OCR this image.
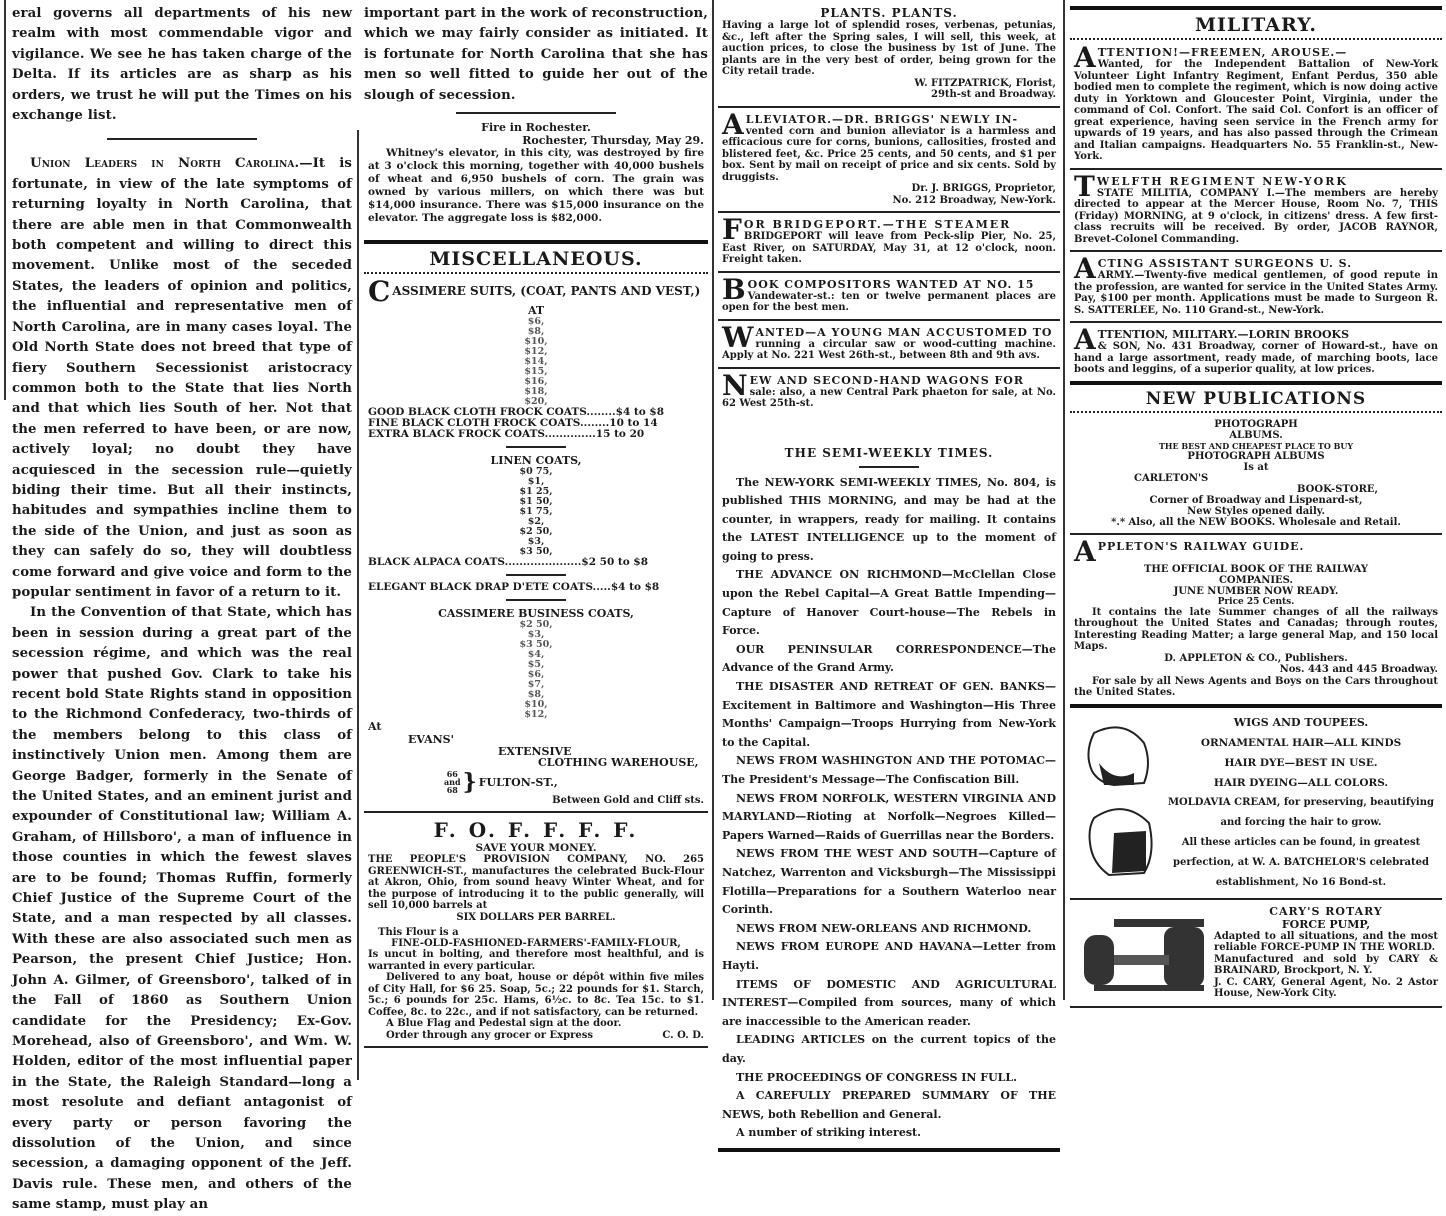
eral governs all departments of his new realm with most commendable vigor and vigilance. We see he has taken charge of the Delta. If its articles are as sharp as his orders, we trust he will put the Times on his exchange list.

Union Leaders in North Carolina.—It is fortunate, in view of the late symptoms of returning loyalty in North Carolina, that there are able men in that Commonwealth both competent and willing to direct this movement. Unlike most of the seceded States, the leaders of opinion and politics, the influential and representative men of North Carolina, are in many cases loyal. The Old North State does not breed that type of fiery Southern Secessionist aristocracy common both to the State that lies North and that which lies South of her. Not that the men referred to have been, or are now, actively loyal; no doubt they have acquiesced in the secession rule—quietly biding their time. But all their instincts, habitudes and sympathies incline them to the side of the Union, and just as soon as they can safely do so, they will doubtless come forward and give voice and form to the popular sentiment in favor of a return to it.

In the Convention of that State, which has been in session during a great part of the secession régime, and which was the real power that pushed Gov. Clark to take his recent bold State Rights stand in opposition to the Richmond Confederacy, two-thirds of the members belong to this class of instinctively Union men. Among them are George Badger, formerly in the Senate of the United States, and an eminent jurist and expounder of Constitutional law; William A. Graham, of Hillsboro', a man of influence in those counties in which the fewest slaves are to be found; Thomas Ruffin, formerly Chief Justice of the Supreme Court of the State, and a man respected by all classes. With these are also associated such men as Pearson, the present Chief Justice; Hon. John A. Gilmer, of Greensboro', talked of in the Fall of 1860 as Southern Union candidate for the Presidency; Ex-Gov. Morehead, also of Greensboro', and Wm. W. Holden, editor of the most influential paper in the State, the Raleigh Standard—long a most resolute and defiant antagonist of every party or person favoring the dissolution of the Union, and since secession, a damaging opponent of the Jeff. Davis rule. These men, and others of the same stamp, must play an

important part in the work of reconstruction, which we may fairly consider as initiated. It is fortunate for North Carolina that she has men so well fitted to guide her out of the slough of secession.

Fire in Rochester.
Rochester, Thursday, May 29.

Whitney's elevator, in this city, was destroyed by fire at 3 o'clock this morning, together with 40,000 bushels of wheat and 6,950 bushels of corn. The grain was owned by various millers, on which there was but $14,000 insurance. There was $15,000 insurance on the elevator. The aggregate loss is $82,000.

MISCELLANEOUS.
C ASSIMERE SUITS, (COAT, PANTS AND VEST,)
AT
$6,
$8,
$10,
$12,
$14,
$15,
$16,
$18,
$20,
GOOD BLACK CLOTH FROCK COATS........$4 to $8
FINE BLACK CLOTH FROCK COATS........10 to 14
EXTRA BLACK FROCK COATS..............15 to 20
LINEN COATS,
$0 75,
$1,
$1 25,
$1 50,
$1 75,
$2,
$2 50,
$3,
$3 50,
BLACK ALPACA COATS.....................$2 50 to $8
ELEGANT BLACK DRAP D'ETE COATS.....$4 to $8
CASSIMERE BUSINESS COATS,
$2 50,
$3,
$3 50,
$4,
$5,
$6,
$7,
$8,
$10,
$12,
At
EVANS'
EXTENSIVE
CLOTHING WAREHOUSE,
66
and
68 } FULTON-ST.,
Between Gold and Cliff sts.
F. O. F. F. F. F.
SAVE YOUR MONEY.

THE PEOPLE'S PROVISION COMPANY, NO. 265 GREENWICH-ST., manufactures the celebrated Buck-Flour at Akron, Ohio, from sound heavy Winter Wheat, and for the purpose of introducing it to the public generally, will sell 10,000 barrels at

SIX DOLLARS PER BARREL.
This Flour is a
FINE-OLD-FASHIONED-FARMERS'-FAMILY-FLOUR,

Is uncut in bolting, and therefore most healthful, and is warranted in every particular.

Delivered to any boat, house or dépôt within five miles of City Hall, for $6 25. Soap, 5c.; 22 pounds for $1. Starch, 5c.; 6 pounds for 25c. Hams, 6½c. to 8c. Tea 15c. to $1. Coffee, 8c. to 22c., and if not satisfactory, can be returned.

A Blue Flag and Pedestal sign at the door.

Order through any grocer or Express	C. O. D.

PLANTS. PLANTS.

Having a large lot of splendid roses, verbenas, petunias, &c., left after the Spring sales, I will sell, this week, at auction prices, to close the business by 1st of June. The plants are in the very best of order, being grown for the City retail trade.

W. FITZPATRICK, Florist,
29th-st and Broadway.
A LLEVIATOR.—DR. BRIGGS' NEWLY IN-

vented corn and bunion alleviator is a harmless and efficacious cure for corns, bunions, callosities, frosted and blistered feet, &c. Price 25 cents, and 50 cents, and $1 per box. Sent by mail on receipt of price and six cents. Sold by druggists.

Dr. J. BRIGGS, Proprietor,
No. 212 Broadway, New-York.
F OR BRIDGEPORT.—THE STEAMER

BRIDGEPORT will leave from Peck-slip Pier, No. 25, East River, on SATURDAY, May 31, at 12 o'clock, noon. Freight taken.

B OOK COMPOSITORS WANTED AT NO. 15

Vandewater-st.: ten or twelve permanent places are open for the best men.

W ANTED—A YOUNG MAN ACCUSTOMED TO

running a circular saw or wood-cutting machine. Apply at No. 221 West 26th-st., between 8th and 9th avs.

N EW AND SECOND-HAND WAGONS FOR

sale: also, a new Central Park phaeton for sale, at No. 62 West 25th-st.

THE SEMI-WEEKLY TIMES.

The NEW-YORK SEMI-WEEKLY TIMES, No. 804, is published THIS MORNING, and may be had at the counter, in wrappers, ready for mailing. It contains the LATEST INTELLIGENCE up to the moment of going to press.

THE ADVANCE ON RICHMOND—McClellan Close upon the Rebel Capital—A Great Battle Impending—Capture of Hanover Court-house—The Rebels in Force.

OUR PENINSULAR CORRESPONDENCE—The Advance of the Grand Army.

THE DISASTER AND RETREAT OF GEN. BANKS—Excitement in Baltimore and Washington—His Three Months' Campaign—Troops Hurrying from New-York to the Capital.

NEWS FROM WASHINGTON AND THE POTOMAC—The President's Message—The Confiscation Bill.

NEWS FROM NORFOLK, WESTERN VIRGINIA AND MARYLAND—Rioting at Norfolk—Negroes Killed—Papers Warned—Raids of Guerrillas near the Borders.

NEWS FROM THE WEST AND SOUTH—Capture of Natchez, Warrenton and Vicksburgh—The Mississippi Flotilla—Preparations for a Southern Waterloo near Corinth.

NEWS FROM NEW-ORLEANS AND RICHMOND.

NEWS FROM EUROPE AND HAVANA—Letter from Hayti.

ITEMS OF DOMESTIC AND AGRICULTURAL INTEREST—Compiled from sources, many of which are inaccessible to the American reader.

LEADING ARTICLES on the current topics of the day.

THE PROCEEDINGS OF CONGRESS IN FULL.

A CAREFULLY PREPARED SUMMARY OF THE NEWS, both Rebellion and General.

A number of striking interest.

MILITARY.
A TTENTION!—FREEMEN, AROUSE.—

Wanted, for the Independent Battalion of New-York Volunteer Light Infantry Regiment, Enfant Perdus, 350 able bodied men to complete the regiment, which is now doing active duty in Yorktown and Gloucester Point, Virginia, under the command of Col. Confort. The said Col. Confort is an officer of great experience, having seen service in the French army for upwards of 19 years, and has also passed through the Crimean and Italian campaigns. Headquarters No. 55 Franklin-st., New-York.

T WELFTH REGIMENT NEW-YORK

STATE MILITIA, COMPANY I.—The members are hereby directed to appear at the Mercer House, Room No. 7, THIS (Friday) MORNING, at 9 o'clock, in citizens' dress. A few first-class recruits will be received. By order, JACOB RAYNOR, Brevet-Colonel Commanding.

A CTING ASSISTANT SURGEONS U. S.

ARMY.—Twenty-five medical gentlemen, of good repute in the profession, are wanted for service in the United States Army. Pay, $100 per month. Applications must be made to Surgeon R. S. SATTERLEE, No. 110 Grand-st., New-York.

A TTENTION, MILITARY.—LORIN BROOKS

& SON, No. 431 Broadway, corner of Howard-st., have on hand a large assortment, ready made, of marching boots, lace boots and leggins, of a superior quality, at low prices.

NEW PUBLICATIONS
PHOTOGRAPH
ALBUMS.
THE BEST AND CHEAPEST PLACE TO BUY
PHOTOGRAPH ALBUMS
Is at
CARLETON'S
BOOK-STORE,
Corner of Broadway and Lispenard-st,
New Styles opened daily.
*.* Also, all the NEW BOOKS. Wholesale and Retail.
A PPLETON'S RAILWAY GUIDE.
THE OFFICIAL BOOK OF THE RAILWAY
COMPANIES.
JUNE NUMBER NOW READY.
Price 25 Cents.

It contains the late Summer changes of all the railways throughout the United States and Canadas; through routes, Interesting Reading Matter; a large general Map, and 150 local Maps.

D. APPLETON & CO., Publishers.
Nos. 443 and 445 Broadway.

For sale by all News Agents and Boys on the Cars throughout the United States.

WIGS AND TOUPEES.
ORNAMENTAL HAIR—ALL KINDS
HAIR DYE—BEST IN USE.
HAIR DYEING—ALL COLORS.

MOLDAVIA CREAM, for preserving, beautifying and forcing the hair to grow.

All these articles can be found, in greatest perfection, at W. A. BATCHELOR'S celebrated establishment, No 16 Bond-st.

CARY'S ROTARY
FORCE PUMP,

Adapted to all situations, and the most reliable FORCE-PUMP IN THE WORLD.

Manufactured and sold by CARY & BRAINARD, Brockport, N. Y.

J. C. CARY, General Agent, No. 2 Astor House, New-York City.
